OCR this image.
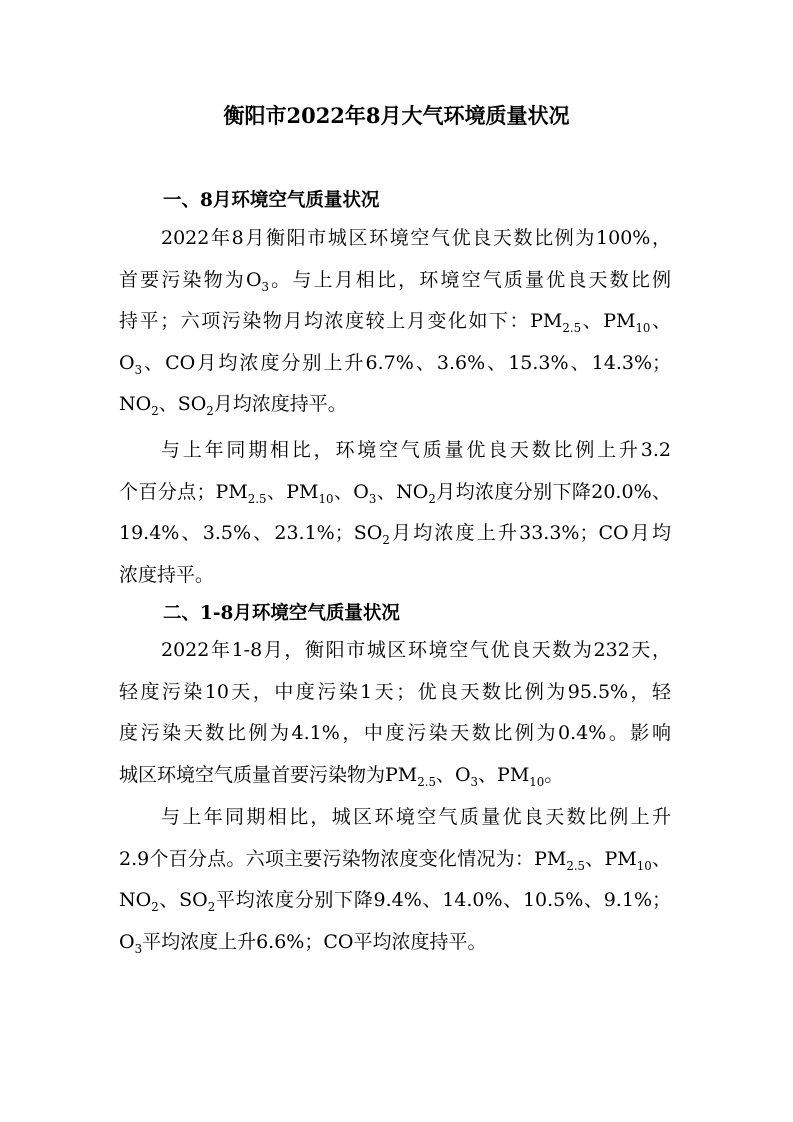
衡阳市2022年8月大气环境质量状况
一、8月环境空气质量状况
2022年8月衡阳市城区环境空气优良天数比例为100%，
首要污染物为$O_3$。与上月相比，环境空气质量优良天数比例
持平；六项污染物月均浓度较上月变化如下：$PM_{2.5}$、$PM_{10}$、
$O_3$、CO月均浓度分别上升6.7%、3.6%、15.3%、14.3%；
$NO_2$、$SO_2$月均浓度持平。
与上年同期相比，环境空气质量优良天数比例上升3.2
个百分点；$PM_{2.5}$、$PM_{10}$、$O_3$、$NO_2$月均浓度分别下降20.0%、
19.4%、3.5%、23.1%；$SO_2$月均浓度上升33.3%；CO月均
浓度持平。
二、1-8月环境空气质量状况
2022年1-8月，衡阳市城区环境空气优良天数为232天，
轻度污染10天，中度污染1天；优良天数比例为95.5%，轻
度污染天数比例为4.1%，中度污染天数比例为0.4%。影响
城区环境空气质量首要污染物为$PM_{2.5}$、$O_3$、$PM_{10}$。
与上年同期相比，城区环境空气质量优良天数比例上升
2.9个百分点。六项主要污染物浓度变化情况为：$PM_{2.5}$、$PM_{10}$、
$NO_2$、$SO_2$平均浓度分别下降9.4%、14.0%、10.5%、9.1%；
$O_3$平均浓度上升6.6%；CO平均浓度持平。
